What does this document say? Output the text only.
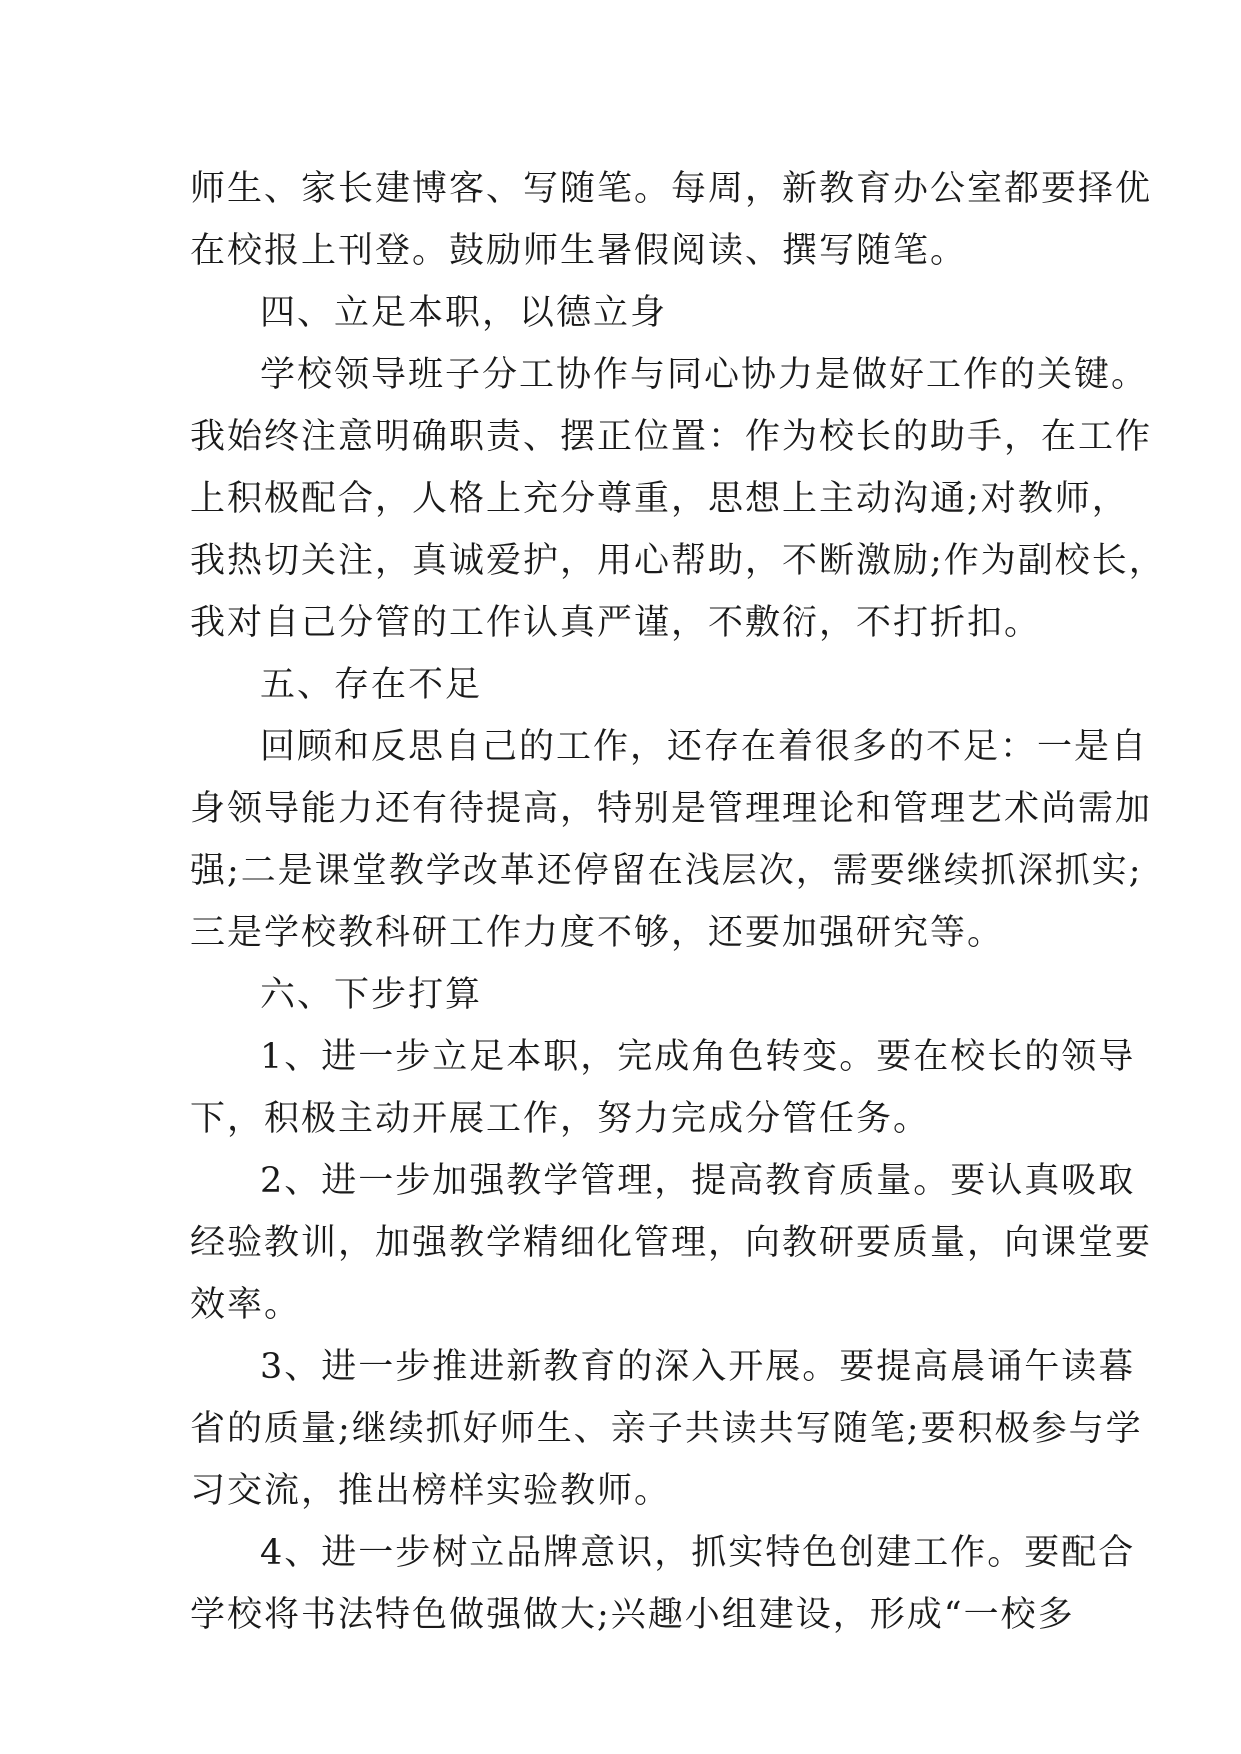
师生、家长建博客、写随笔。每周，新教育办公室都要择优
在校报上刊登。鼓励师生暑假阅读、撰写随笔。
四、立足本职，以德立身
学校领导班子分工协作与同心协力是做好工作的关键。
我始终注意明确职责、摆正位置：作为校长的助手，在工作
上积极配合，人格上充分尊重，思想上主动沟通;对教师，
我热切关注，真诚爱护，用心帮助，不断激励;作为副校长，
我对自己分管的工作认真严谨，不敷衍，不打折扣。
五、存在不足
回顾和反思自己的工作，还存在着很多的不足：一是自
身领导能力还有待提高，特别是管理理论和管理艺术尚需加
强;二是课堂教学改革还停留在浅层次，需要继续抓深抓实;
三是学校教科研工作力度不够，还要加强研究等。
六、下步打算
1、进一步立足本职，完成角色转变。要在校长的领导
下，积极主动开展工作，努力完成分管任务。
2、进一步加强教学管理，提高教育质量。要认真吸取
经验教训，加强教学精细化管理，向教研要质量，向课堂要
效率。
3、进一步推进新教育的深入开展。要提高晨诵午读暮
省的质量;继续抓好师生、亲子共读共写随笔;要积极参与学
习交流，推出榜样实验教师。
4、进一步树立品牌意识，抓实特色创建工作。要配合
学校将书法特色做强做大;兴趣小组建设，形成“一校多
